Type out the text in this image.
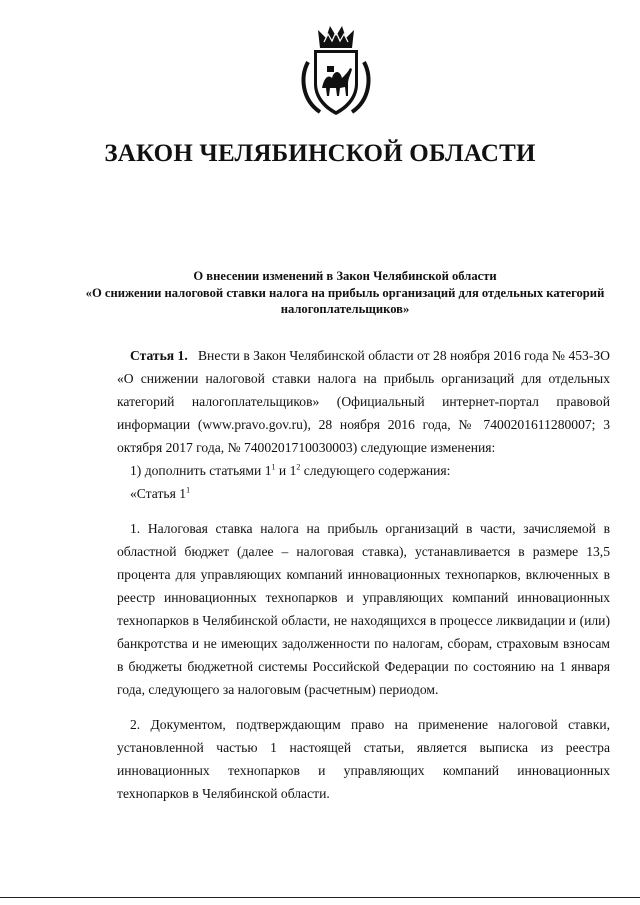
ЗАКОН ЧЕЛЯБИНСКОЙ ОБЛАСТИ
О внесении изменений в Закон Челябинской области
«О снижении налоговой ставки налога на прибыль организаций для отдельных категорий налогоплательщиков»

Статья 1. Внести в Закон Челябинской области от 28 ноября 2016 года № 453-ЗО «О снижении налоговой ставки налога на прибыль организаций для отдельных категорий налогоплательщиков» (Официальный интернет-портал правовой информации (www.pravo.gov.ru), 28 ноября 2016 года, № 7400201611280007; 3 октября 2017 года, № 7400201710030003) следующие изменения:

1) дополнить статьями $1^1$ и $1^2$ следующего содержания:

«Статья $1^1$

1. Налоговая ставка налога на прибыль организаций в части, зачисляемой в областной бюджет (далее – налоговая ставка), устанавливается в размере 13,5 процента для управляющих компаний инновационных технопарков, включенных в реестр инновационных технопарков и управляющих компаний инновационных технопарков в Челябинской области, не находящихся в процессе ликвидации и (или) банкротства и не имеющих задолженности по налогам, сборам, страховым взносам в бюджеты бюджетной системы Российской Федерации по состоянию на 1 января года, следующего за налоговым (расчетным) периодом.

2. Документом, подтверждающим право на применение налоговой ставки, установленной частью 1 настоящей статьи, является выписка из реестра инновационных технопарков и управляющих компаний инновационных технопарков в Челябинской области.
